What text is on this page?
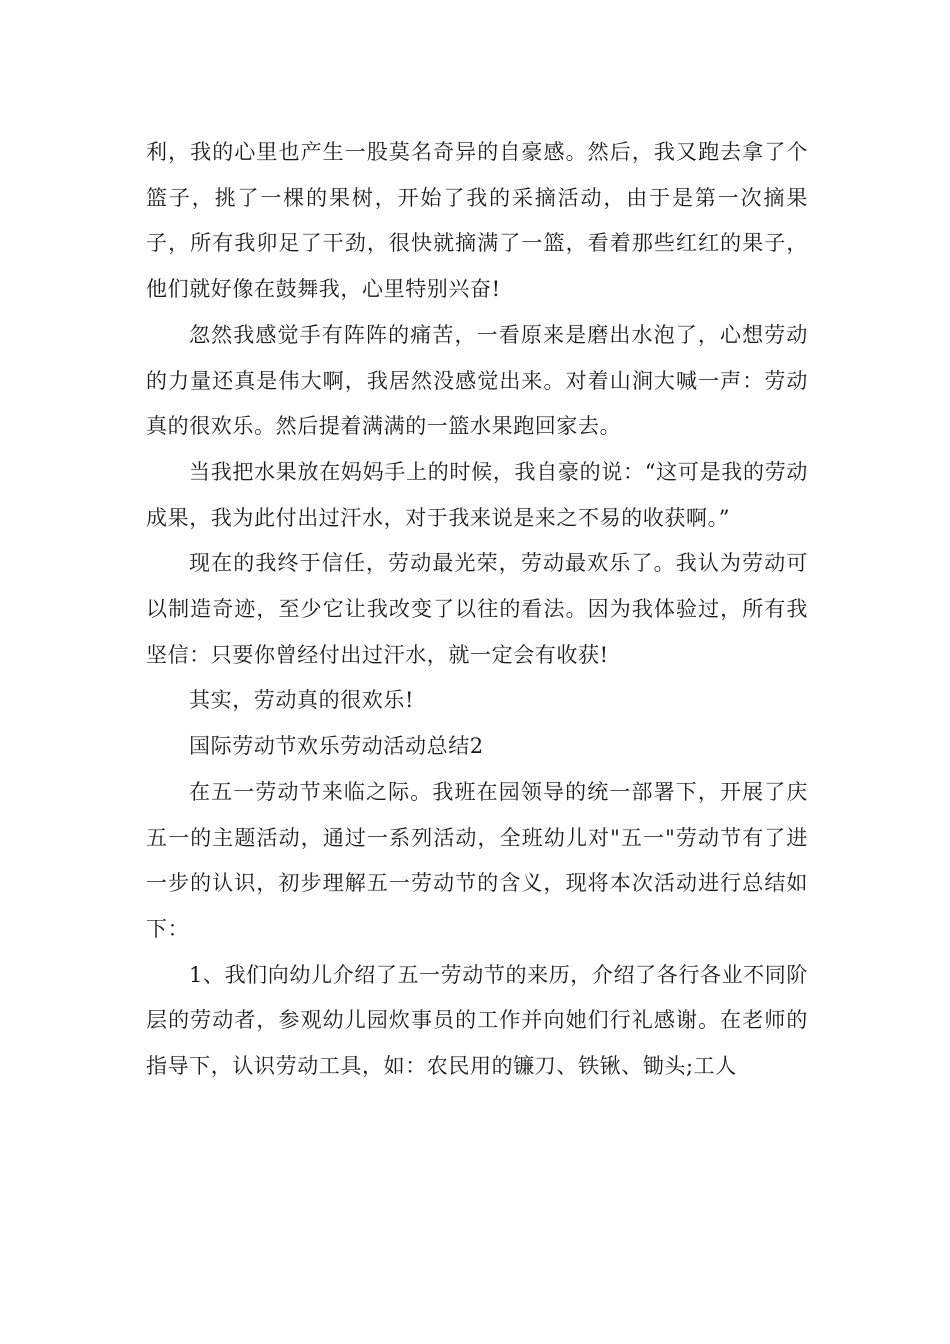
利，我的心里也产生一股莫名奇异的自豪感。然后，我又跑去拿了个篮子，挑了一棵的果树，开始了我的采摘活动，由于是第一次摘果子，所有我卯足了干劲，很快就摘满了一篮，看着那些红红的果子，他们就好像在鼓舞我，心里特别兴奋!

忽然我感觉手有阵阵的痛苦，一看原来是磨出水泡了，心想劳动的力量还真是伟大啊，我居然没感觉出来。对着山涧大喊一声：劳动真的很欢乐。然后提着满满的一篮水果跑回家去。

当我把水果放在妈妈手上的时候，我自豪的说：“这可是我的劳动成果，我为此付出过汗水，对于我来说是来之不易的收获啊。”

现在的我终于信任，劳动最光荣，劳动最欢乐了。我认为劳动可以制造奇迹，至少它让我改变了以往的看法。因为我体验过，所有我坚信：只要你曾经付出过汗水，就一定会有收获!

其实，劳动真的很欢乐!

国际劳动节欢乐劳动活动总结2

在五一劳动节来临之际。我班在园领导的统一部署下，开展了庆五一的主题活动，通过一系列活动，全班幼儿对"五一"劳动节有了进一步的认识，初步理解五一劳动节的含义，现将本次活动进行总结如下：

1、我们向幼儿介绍了五一劳动节的来历，介绍了各行各业不同阶层的劳动者，参观幼儿园炊事员的工作并向她们行礼感谢。在老师的指导下，认识劳动工具，如：农民用的镰刀、铁锹、锄头;工人
